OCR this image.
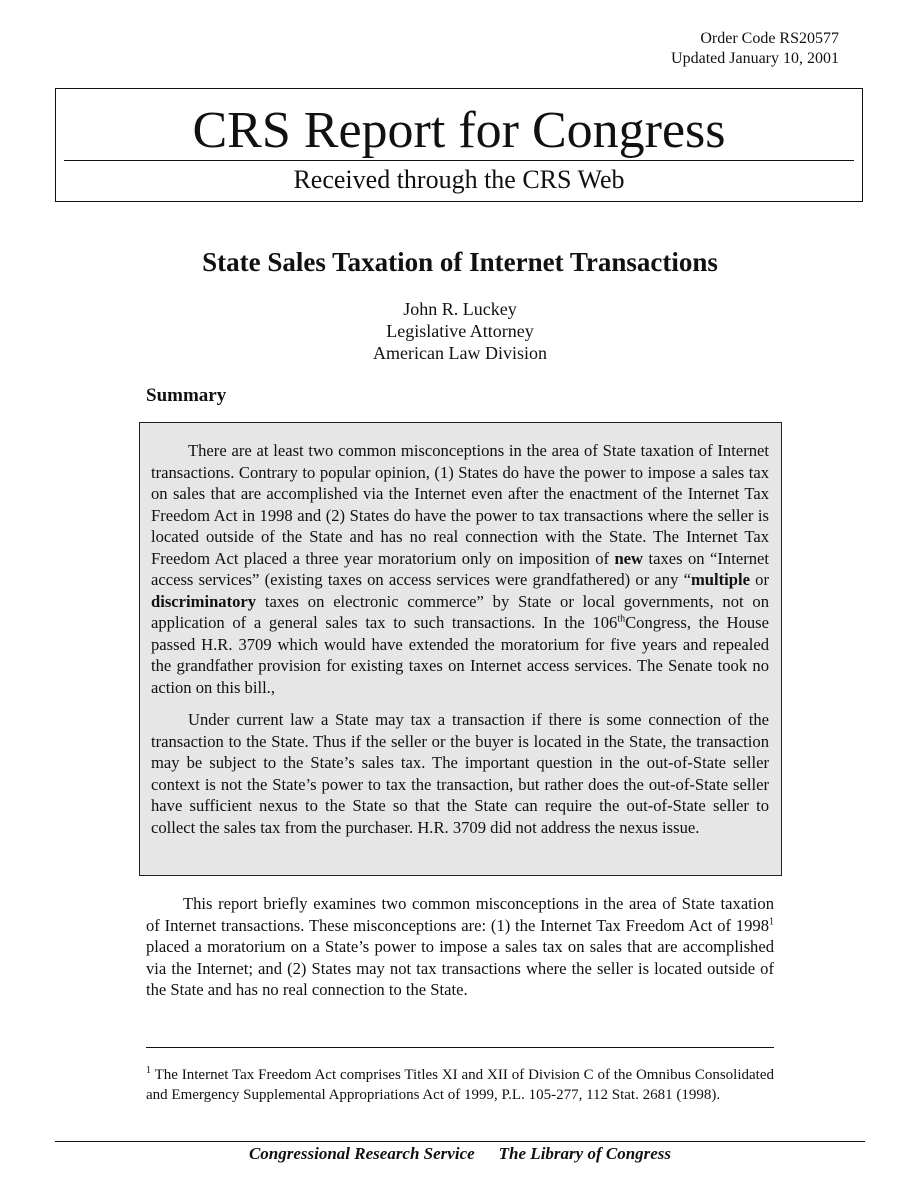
Order Code RS20577
Updated January 10, 2001
CRS Report for Congress
Received through the CRS Web
State Sales Taxation of Internet Transactions
John R. Luckey
Legislative Attorney
American Law Division
Summary

There are at least two common misconceptions in the area of State taxation of Internet transactions. Contrary to popular opinion, (1) States do have the power to impose a sales tax on sales that are accomplished via the Internet even after the enactment of the Internet Tax Freedom Act in 1998 and (2) States do have the power to tax transactions where the seller is located outside of the State and has no real connection with the State. The Internet Tax Freedom Act placed a three year moratorium only on imposition of new taxes on “Internet access services” (existing taxes on access services were grandfathered) or any “multiple or discriminatory taxes on electronic commerce” by State or local governments, not on application of a general sales tax to such transactions. In the 106thCongress, the House passed H.R. 3709 which would have extended the moratorium for five years and repealed the grandfather provision for existing taxes on Internet access services. The Senate took no action on this bill.,

Under current law a State may tax a transaction if there is some connection of the transaction to the State. Thus if the seller or the buyer is located in the State, the transaction may be subject to the State’s sales tax. The important question in the out-of-State seller context is not the State’s power to tax the transaction, but rather does the out-of-State seller have sufficient nexus to the State so that the State can require the out-of-State seller to collect the sales tax from the purchaser. H.R. 3709 did not address the nexus issue.

This report briefly examines two common misconceptions in the area of State taxation of Internet transactions. These misconceptions are: (1) the Internet Tax Freedom Act of 1998$^1$ placed a moratorium on a State’s power to impose a sales tax on sales that are accomplished via the Internet; and (2) States may not tax transactions where the seller is located outside of the State and has no real connection to the State.

$^1$ The Internet Tax Freedom Act comprises Titles XI and XII of Division C of the Omnibus Consolidated and Emergency Supplemental Appropriations Act of 1999, P.L. 105-277, 112 Stat. 2681 (1998).
Congressional Research Service The Library of Congress
